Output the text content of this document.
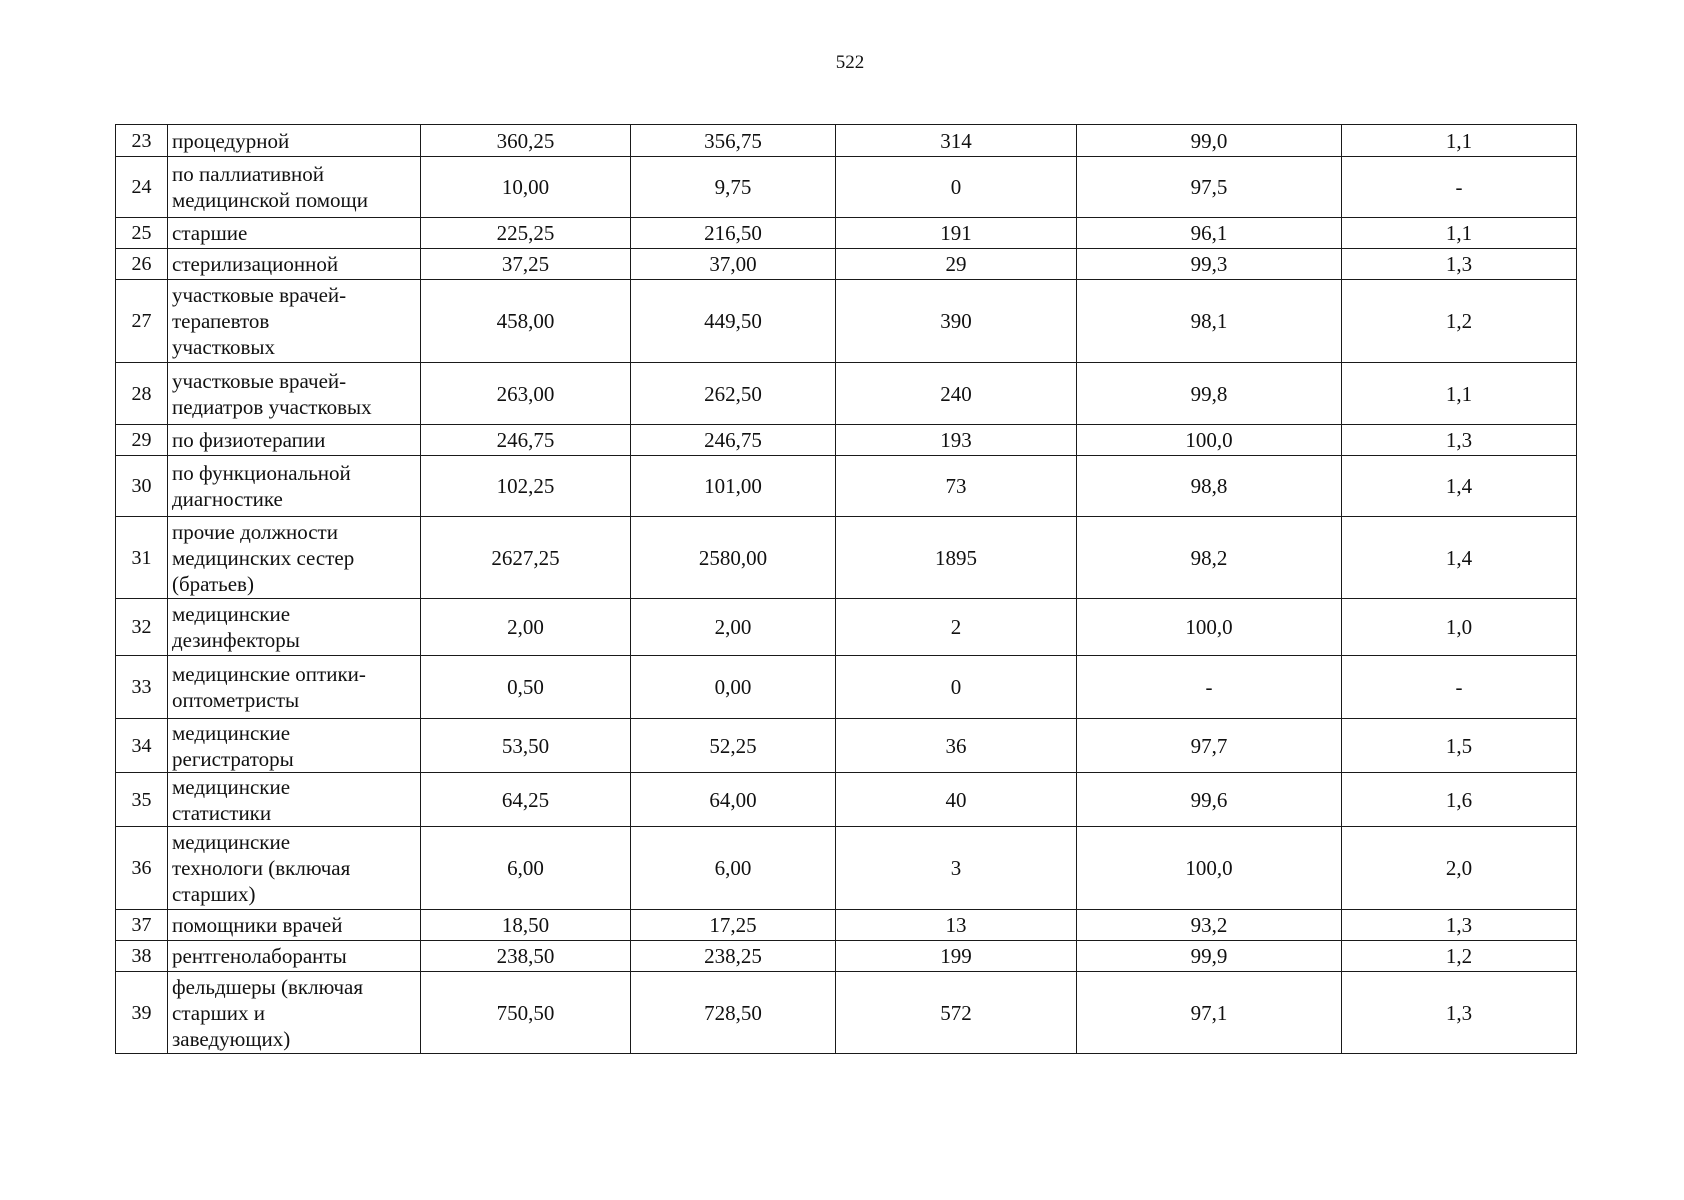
522
23	процедурной	360,25	356,75	314	99,0	1,1
24	по паллиативной
медицинской помощи	10,00	9,75	0	97,5	-
25	старшие	225,25	216,50	191	96,1	1,1
26	стерилизационной	37,25	37,00	29	99,3	1,3
27	участковые врачей-
терапевтов
участковых	458,00	449,50	390	98,1	1,2
28	участковые врачей-
педиатров участковых	263,00	262,50	240	99,8	1,1
29	по физиотерапии	246,75	246,75	193	100,0	1,3
30	по функциональной
диагностике	102,25	101,00	73	98,8	1,4
31	прочие должности
медицинских сестер
(братьев)	2627,25	2580,00	1895	98,2	1,4
32	медицинские
дезинфекторы	2,00	2,00	2	100,0	1,0
33	медицинские оптики-
оптометристы	0,50	0,00	0	-	-
34	медицинские
регистраторы	53,50	52,25	36	97,7	1,5
35	медицинские
статистики	64,25	64,00	40	99,6	1,6
36	медицинские
технологи (включая
старших)	6,00	6,00	3	100,0	2,0
37	помощники врачей	18,50	17,25	13	93,2	1,3
38	рентгенолаборанты	238,50	238,25	199	99,9	1,2
39	фельдшеры (включая
старших и
заведующих)	750,50	728,50	572	97,1	1,3
